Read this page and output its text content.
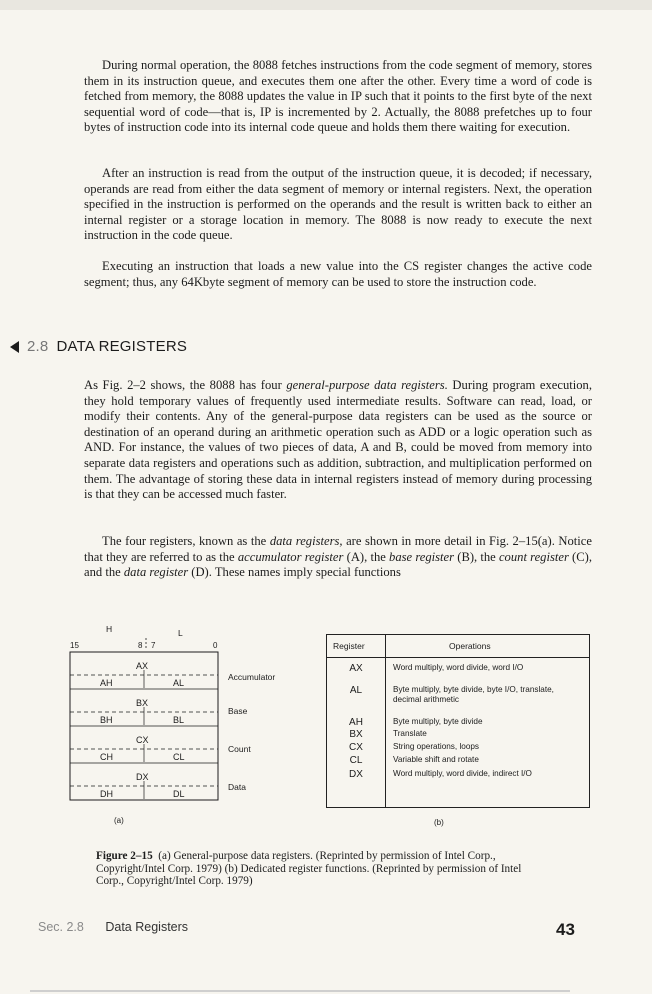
During normal operation, the 8088 fetches instructions from the code segment of memory, stores them in its instruction queue, and executes them one after the other. Every time a word of code is fetched from memory, the 8088 updates the value in IP such that it points to the first byte of the next sequential word of code—that is, IP is incremented by 2. Actually, the 8088 prefetches up to four bytes of instruction code into its internal code queue and holds them there waiting for execution.

After an instruction is read from the output of the instruction queue, it is decoded; if necessary, operands are read from either the data segment of memory or internal registers. Next, the operation specified in the instruction is performed on the operands and the result is written back to either an internal register or a storage location in memory. The 8088 is now ready to execute the next instruction in the code queue.

Executing an instruction that loads a new value into the CS register changes the active code segment; thus, any 64Kbyte segment of memory can be used to store the instruction code.

2.8 DATA REGISTERS

As Fig. 2–2 shows, the 8088 has four general-purpose data registers. During program execution, they hold temporary values of frequently used intermediate results. Software can read, load, or modify their contents. Any of the general-purpose data registers can be used as the source or destination of an operand during an arithmetic operation such as ADD or a logic operation such as AND. For instance, the values of two pieces of data, A and B, could be moved from memory into separate data registers and operations such as addition, subtraction, and multiplication performed on them. The advantage of storing these data in internal registers instead of memory during processing is that they can be accessed much faster.

The four registers, known as the data registers, are shown in more detail in Fig. 2–15(a). Notice that they are referred to as the accumulator register (A), the base register (B), the count register (C), and the data register (D). These names imply special functions

H	L
15	8 7	0
AX
AH	AL
Accumulator
BX
BH	BL
Base
CX
CH	CL
Count
DX
DH	DL
Data
(a)
Register	Operations
AX	Word multiply, word divide, word I/O
AL	Byte multiply, byte divide, byte I/O, translate, decimal arithmetic
AH	Byte multiply, byte divide
BX	Translate
CX	String operations, loops
CL	Variable shift and rotate
DX	Word multiply, word divide, indirect I/O
(b)

Figure 2–15 (a) General-purpose data registers. (Reprinted by permission of Intel Corp., Copyright/Intel Corp. 1979) (b) Dedicated register functions. (Reprinted by permission of Intel Corp., Copyright/Intel Corp. 1979)

Sec. 2.8 Data Registers	43
